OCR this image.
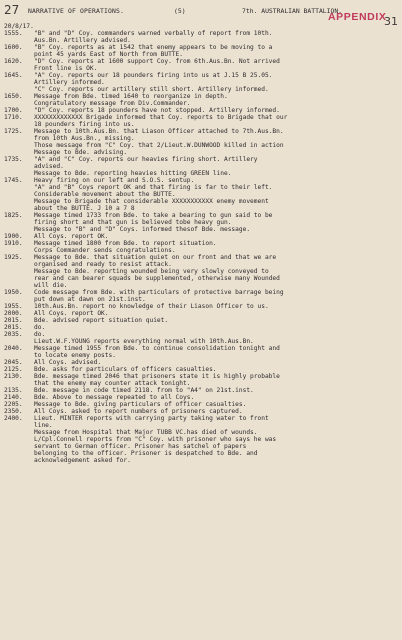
27 NARRATIVE OF OPERATIONS.	(5)	7th. AUSTRALIAN BATTALION.
APPENDIX
31
20/8/17.
1555.	"B" and "D" Coy. commanders warned verbally of report from 10th.
Aus.Bn. Artillery advised.
1600.	"B" Coy. reports as at 1542 that enemy appears to be moving to a
point 45 yards East of North from BUTTE.
1620.	"D" Coy. reports at 1600 support Coy. from 6th.Aus.Bn. Not arrived
Front line is OK.
1645.	"A" Coy. reports our 18 pounders firing into us at J.15 B 25.05.
Artillery informed.
"C" Coy. reports our artillery still short. Artillery informed.
1650.	Message from Bde. timed 1640 to reorganize in depth.
Congratulatory message from Div.Commander.
1700.	"D" Coy. reports 18 pounders have not stopped. Artillery informed.
1710.	XXXXXXXXXXXXX Brigade informed that Coy. reports to Brigade that our
18 pounders firing into us.
1725.	Message to 10th.Aus.Bn. that Liason Officer attached to 7th.Aus.Bn.
from 10th Aus.Bn., missing.
Those message from "C" Coy. that 2/Lieut.W.DUNWOOD killed in action
Message to Bde. advising.
1735.	"A" and "C" Coy. reports our heavies firing short. Artillery
advised.
Message to Bde. reporting heavies hitting GREEN line.
1745.	Heavy firing on our left and S.O.S. sentup.
"A" and "B" Coys report OK and that firing is far to their left.
Considerable movement about the BUTTE.
Message to Brigade that considerable XXXXXXXXXXX enemy movement
about the BUTTE. J 10 a 7 8
1825.	Message timed 1733 from Bde. to take a bearing to gun said to be
firing short and that gun is believed tobe heavy gun.
Message to "B" and "D" Coys. informed thesof Bde. message.
1900.	All Coys. report OK.
1910.	Message timed 1800 from Bde. to report situation.
Corps Commander sends congratulations.
1925.	Message to Bde. that situation quiet on our front and that we are
organised and ready to resist attack.
Message to Bde. reporting wounded being very slowly conveyed to
rear and can bearer squads be supplemented, otherwise many Wounded
will die.
1950.	Code message from Bde. with particulars of protective barrage being
put down at dawn on 21st.inst.
1955.	10th.Aus.Bn. report no knowledge of their Liason Officer to us.
2000.	All Coys. report OK.
2015.	Bde. advised report situation quiet.
2015.	do.
2035.	do.
Lieut.W.F.YOUNG reports everything normal with 10th.Aus.Bn.
2040.	Message timed 1955 from Bde. to continue consolidation tonight and
to locate enemy posts.
2045.	All Coys. advised.
2125.	Bde. asks for particulars of officers casualties.
2130.	Bde. message timed 2046 that prisoners state it is highly probable
that the enemy may counter attack tonight.
2135.	Bde. message in code timed 2118. from to "A4" on 21st.inst.
2140.	Bde. Above to message repeated to all Coys.
2205.	Message to Bde. giving particulars of officer casualties.
2350.	All Coys. asked to report numbers of prisoners captured.
2400.	Lieut. MINTER reports with carrying party taking water to front
line.
Message from Hospital that Major TUBB VC.has died of wounds.
L/Cpl.Connell reports from "C" Coy. with prisoner who says he was
servant to German officer. Prisoner has satchel of papers
belonging to the officer. Prisoner is despatched to Bde. and
acknowledgement asked for.
